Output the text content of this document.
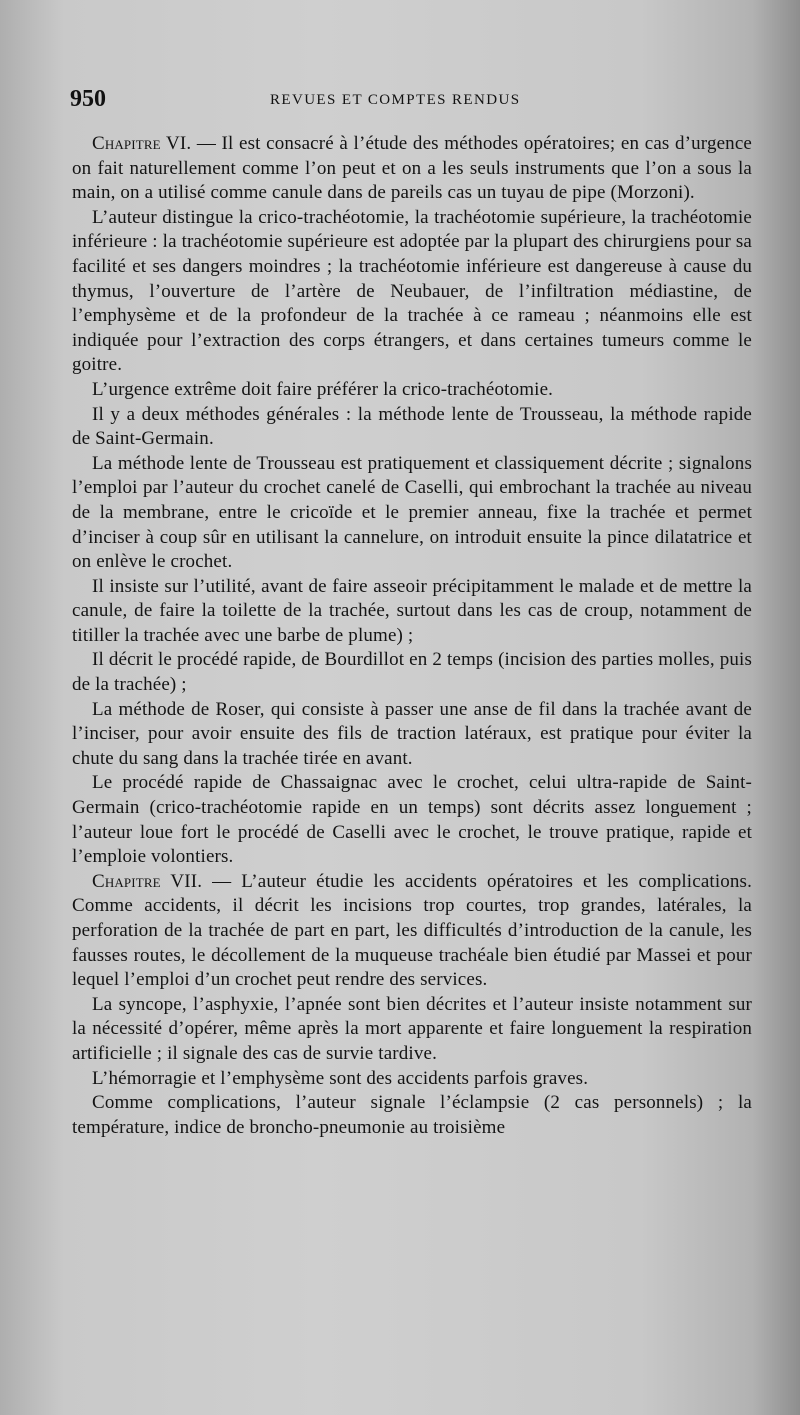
950	REVUES ET COMPTES RENDUS

Chapitre VI. — Il est consacré à l’étude des méthodes opératoires; en cas d’urgence on fait naturellement comme l’on peut et on a les seuls instruments que l’on a sous la main, on a utilisé comme canule dans de pareils cas un tuyau de pipe (Morzoni).

L’auteur distingue la crico-trachéotomie, la trachéotomie supérieure, la trachéotomie inférieure : la trachéotomie supérieure est adoptée par la plupart des chirurgiens pour sa facilité et ses dangers moindres ; la trachéotomie inférieure est dangereuse à cause du thymus, l’ouverture de l’artère de Neubauer, de l’infiltration médiastine, de l’emphysème et de la profondeur de la trachée à ce rameau ; néanmoins elle est indiquée pour l’extraction des corps étrangers, et dans certaines tumeurs comme le goitre.

L’urgence extrême doit faire préférer la crico-trachéotomie.

Il y a deux méthodes générales : la méthode lente de Trousseau, la méthode rapide de Saint-Germain.

La méthode lente de Trousseau est pratiquement et classiquement décrite ; signalons l’emploi par l’auteur du crochet canelé de Caselli, qui embrochant la trachée au niveau de la membrane, entre le cricoïde et le premier anneau, fixe la trachée et permet d’inciser à coup sûr en utilisant la cannelure, on introduit ensuite la pince dilatatrice et on enlève le crochet.

Il insiste sur l’utilité, avant de faire asseoir précipitamment le malade et de mettre la canule, de faire la toilette de la trachée, surtout dans les cas de croup, notamment de titiller la trachée avec une barbe de plume) ;

Il décrit le procédé rapide, de Bourdillot en 2 temps (incision des parties molles, puis de la trachée) ;

La méthode de Roser, qui consiste à passer une anse de fil dans la trachée avant de l’inciser, pour avoir ensuite des fils de traction latéraux, est pratique pour éviter la chute du sang dans la trachée tirée en avant.

Le procédé rapide de Chassaignac avec le crochet, celui ultra-rapide de Saint-Germain (crico-trachéotomie rapide en un temps) sont décrits assez longuement ; l’auteur loue fort le procédé de Caselli avec le crochet, le trouve pratique, rapide et l’emploie volontiers.

Chapitre VII. — L’auteur étudie les accidents opératoires et les complications. Comme accidents, il décrit les incisions trop courtes, trop grandes, latérales, la perforation de la trachée de part en part, les difficultés d’introduction de la canule, les fausses routes, le décollement de la muqueuse trachéale bien étudié par Massei et pour lequel l’emploi d’un crochet peut rendre des services.

La syncope, l’asphyxie, l’apnée sont bien décrites et l’auteur insiste notamment sur la nécessité d’opérer, même après la mort apparente et faire longuement la respiration artificielle ; il signale des cas de survie tardive.

L’hémorragie et l’emphysème sont des accidents parfois graves.

Comme complications, l’auteur signale l’éclampsie (2 cas personnels) ; la température, indice de broncho-pneumonie au troisième
